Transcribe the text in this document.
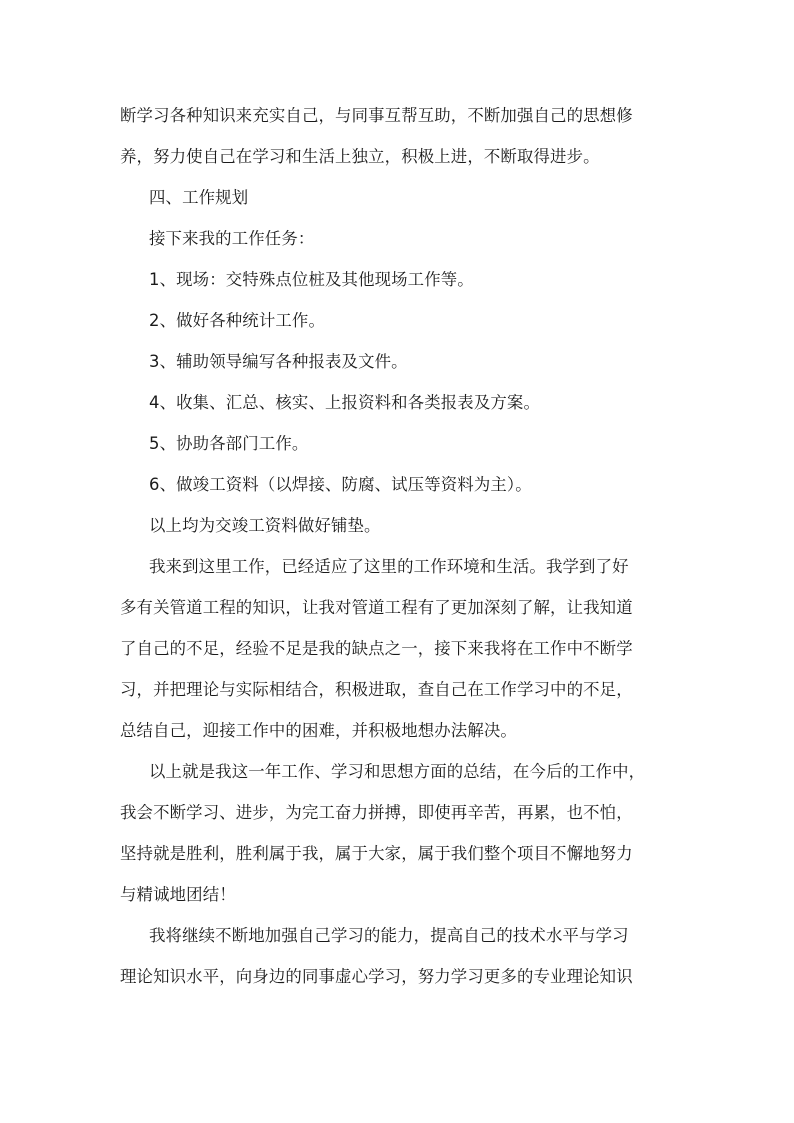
断学习各种知识来充实自己，与同事互帮互助，不断加强自己的思想修
养，努力使自己在学习和生活上独立，积极上进，不断取得进步。
四、工作规划
接下来我的工作任务：
1、现场：交特殊点位桩及其他现场工作等。
2、做好各种统计工作。
3、辅助领导编写各种报表及文件。
4、收集、汇总、核实、上报资料和各类报表及方案。
5、协助各部门工作。
6、做竣工资料（以焊接、防腐、试压等资料为主）。
以上均为交竣工资料做好铺垫。
我来到这里工作，已经适应了这里的工作环境和生活。我学到了好
多有关管道工程的知识，让我对管道工程有了更加深刻了解，让我知道
了自己的不足，经验不足是我的缺点之一，接下来我将在工作中不断学
习，并把理论与实际相结合，积极进取，查自己在工作学习中的不足，
总结自己，迎接工作中的困难，并积极地想办法解决。
以上就是我这一年工作、学习和思想方面的总结，在今后的工作中，
我会不断学习、进步，为完工奋力拼搏，即使再辛苦，再累，也不怕，
坚持就是胜利，胜利属于我，属于大家，属于我们整个项目不懈地努力
与精诚地团结！
我将继续不断地加强自己学习的能力，提高自己的技术水平与学习
理论知识水平，向身边的同事虚心学习，努力学习更多的专业理论知识
